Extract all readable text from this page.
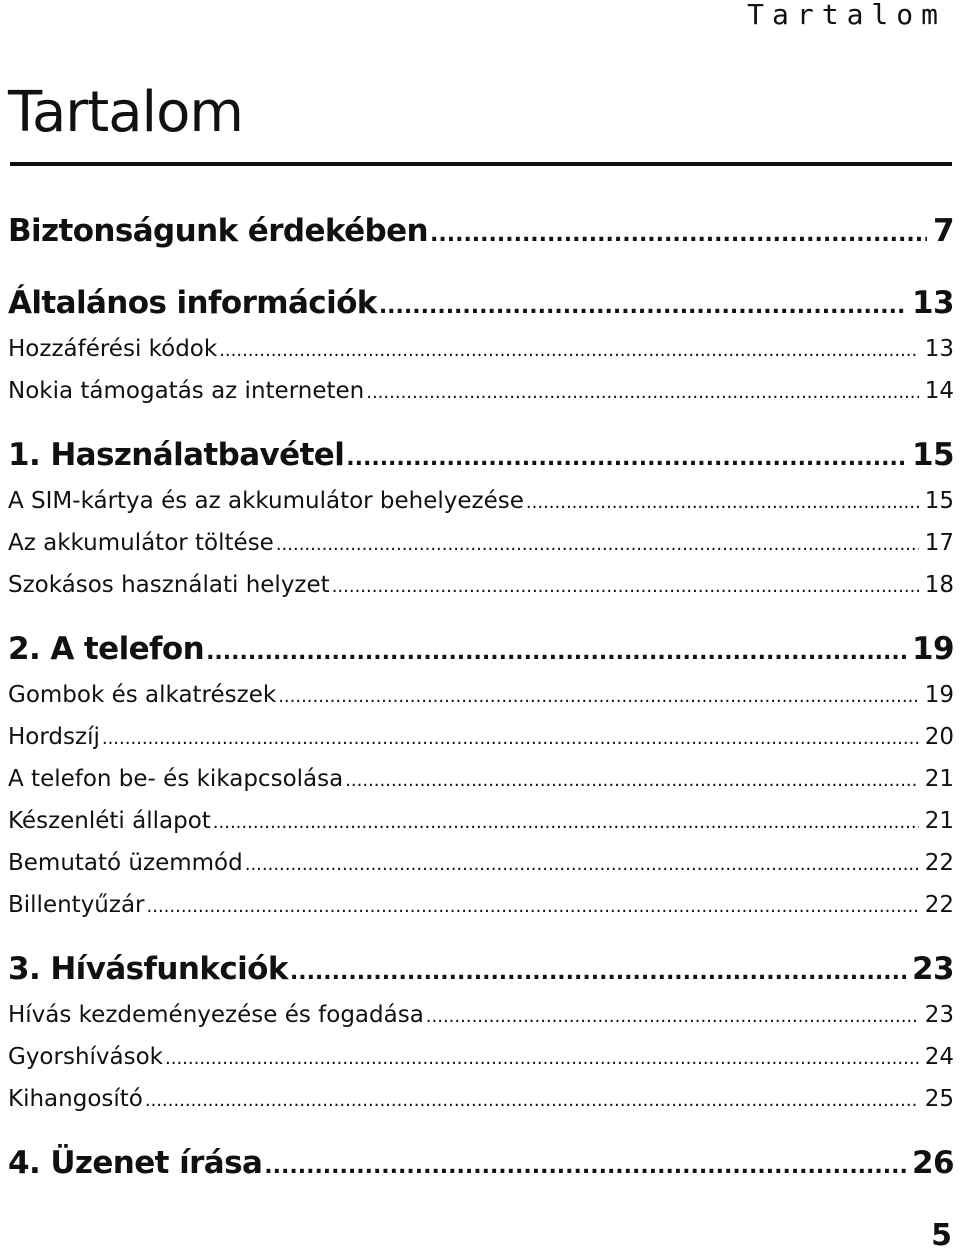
Tartalom
Tartalom
Biztonságunk érdekében .....	7
Általános információk .....	13
Hozzáférési kódok .....	13
Nokia támogatás az interneten .....	14
1. Használatbavétel .....	15
A SIM-kártya és az akkumulátor behelyezése .....	15
Az akkumulátor töltése .....	17
Szokásos használati helyzet .....	18
2. A telefon .....	19
Gombok és alkatrészek .....	19
Hordszíj .....	20
A telefon be- és kikapcsolása .....	21
Készenléti állapot .....	21
Bemutató üzemmód .....	22
Billentyűzár .....	22
3. Hívásfunkciók .....	23
Hívás kezdeményezése és fogadása .....	23
Gyorshívások .....	24
Kihangosító .....	25
4. Üzenet írása .....	26
5
